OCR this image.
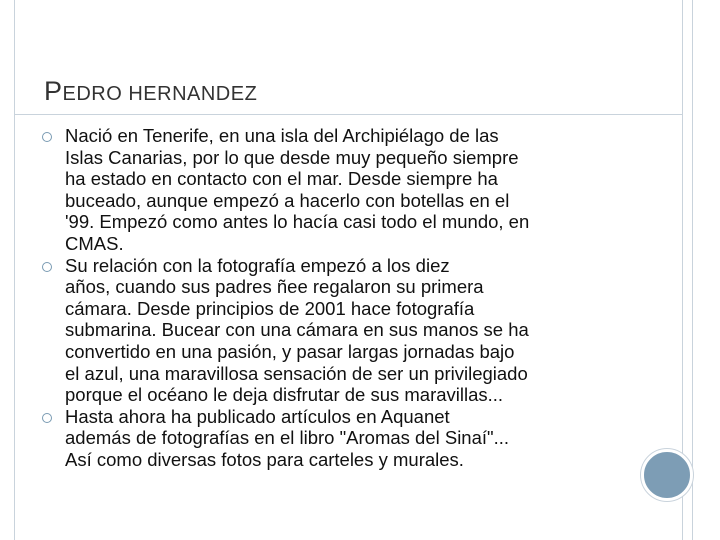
PEDRO HERNANDEZ

Nació en Tenerife, en una isla del Archipiélago de las
Islas Canarias, por lo que desde muy pequeño siempre
ha estado en contacto con el mar. Desde siempre ha
buceado, aunque empezó a hacerlo con botellas en el
'99. Empezó como antes lo hacía casi todo el mundo, en
CMAS.

Su relación con la fotografía empezó a los diez
años, cuando sus padres ñee regalaron su primera
cámara. Desde principios de 2001 hace fotografía
submarina. Bucear con una cámara en sus manos se ha
convertido en una pasión, y pasar largas jornadas bajo
el azul, una maravillosa sensación de ser un privilegiado
porque el océano le deja disfrutar de sus maravillas...

Hasta ahora ha publicado artículos en Aquanet
además de fotografías en el libro "Aromas del Sinaí"...
Así como diversas fotos para carteles y murales.
